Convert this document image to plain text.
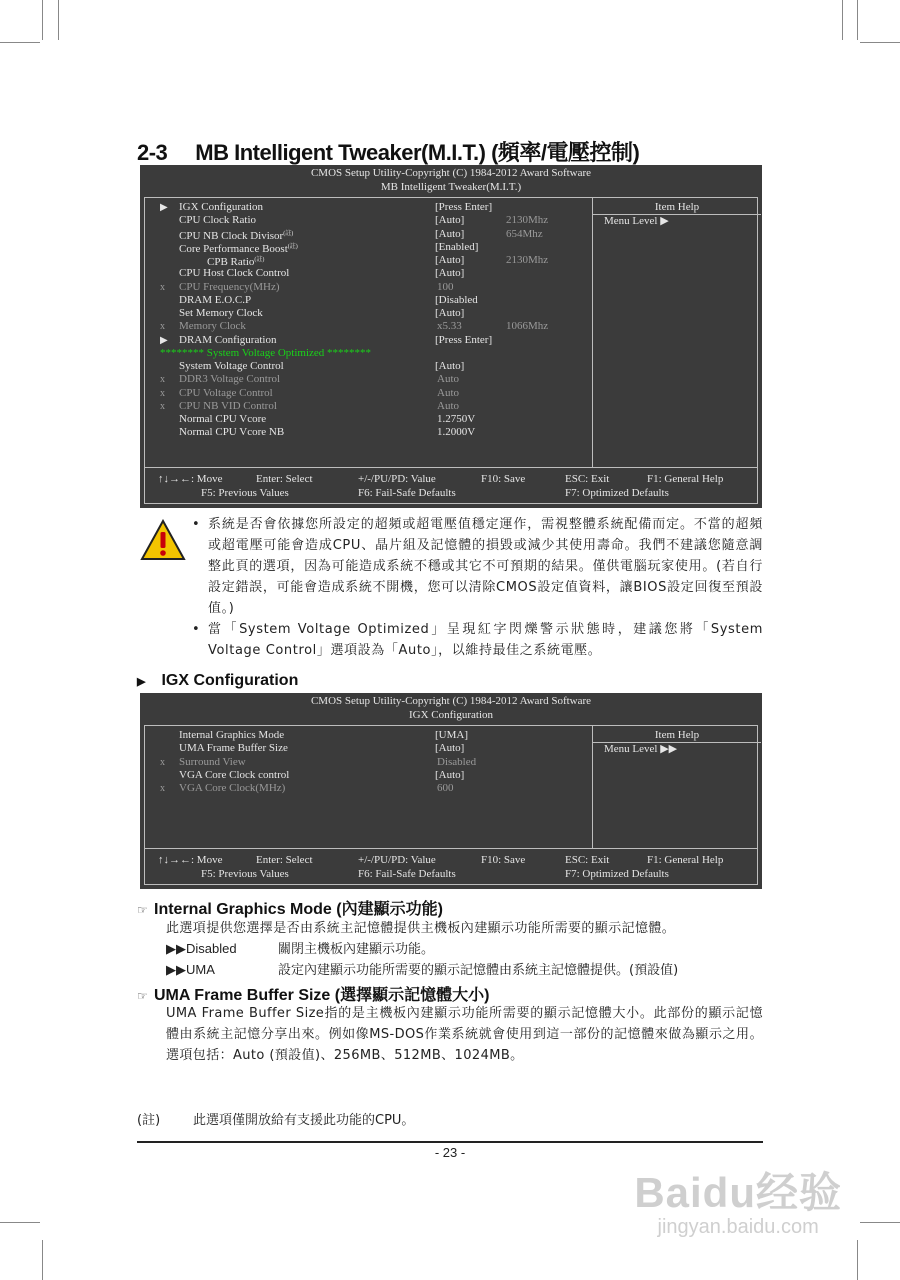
2-3 MB Intelligent Tweaker(M.I.T.) (頻率/電壓控制)
CMOS Setup Utility-Copyright (C) 1984-2012 Award Software
MB Intelligent Tweaker(M.I.T.)
▶ IGX Configuration	[Press Enter]
CPU Clock Ratio	[Auto]	2130Mhz
CPU NB Clock Divisor$^{(註)}$	[Auto]	654Mhz
Core Performance Boost$^{(註)}$	[Enabled]
CPB Ratio$^{(註)}$	[Auto]	2130Mhz
CPU Host Clock Control	[Auto]
x CPU Frequency(MHz)	100
DRAM E.O.C.P	[Disabled
Set Memory Clock	[Auto]
x Memory Clock	x5.33	1066Mhz
▶ DRAM Configuration	[Press Enter]
******** System Voltage Optimized ********
System Voltage Control	[Auto]
x DDR3 Voltage Control	Auto
x CPU Voltage Control	Auto
x CPU NB VID Control	Auto
Normal CPU Vcore	1.2750V
Normal CPU Vcore NB	1.2000V
Item Help
Menu Level ▶
↑↓→←: Move	Enter: Select	+/-/PU/PD: Value	F10: Save	ESC: Exit	F1: General Help
F5: Previous Values	F6: Fail-Safe Defaults	F7: Optimized Defaults
• 系統是否會依據您所設定的超頻或超電壓值穩定運作，需視整體系統配備而定。不當的超頻或超電壓可能會造成CPU、晶片組及記憶體的損毀或減少其使用壽命。我們不建議您隨意調整此頁的選項，因為可能造成系統不穩或其它不可預期的結果。僅供電腦玩家使用。(若自行設定錯誤，可能會造成系統不開機，您可以清除CMOS設定值資料，讓BIOS設定回復至預設值。)
• 當「System Voltage Optimized」呈現紅字閃爍警示狀態時，建議您將「System Voltage Control」選項設為「Auto」，以維持最佳之系統電壓。
▶ IGX Configuration
CMOS Setup Utility-Copyright (C) 1984-2012 Award Software
IGX Configuration
Internal Graphics Mode	[UMA]
UMA Frame Buffer Size	[Auto]
x Surround View	Disabled
VGA Core Clock control	[Auto]
x VGA Core Clock(MHz)	600
Item Help
Menu Level ▶▶
↑↓→←: Move	Enter: Select	+/-/PU/PD: Value	F10: Save	ESC: Exit	F1: General Help
F5: Previous Values	F6: Fail-Safe Defaults	F7: Optimized Defaults
☞ Internal Graphics Mode (內建顯示功能)
此選項提供您選擇是否由系統主記憶體提供主機板內建顯示功能所需要的顯示記憶體。
▶▶Disabled	關閉主機板內建顯示功能。
▶▶UMA	設定內建顯示功能所需要的顯示記憶體由系統主記憶體提供。(預設值)
☞ UMA Frame Buffer Size (選擇顯示記憶體大小)
UMA Frame Buffer Size指的是主機板內建顯示功能所需要的顯示記憶體大小。此部份的顯示記憶體由系統主記憶分享出來。例如像MS-DOS作業系統就會使用到這一部份的記憶體來做為顯示之用。選項包括：Auto (預設值)、256MB、512MB、1024MB。
(註)	此選項僅開放給有支援此功能的CPU。
- 23 -
Baidu经验
jingyan.baidu.com
